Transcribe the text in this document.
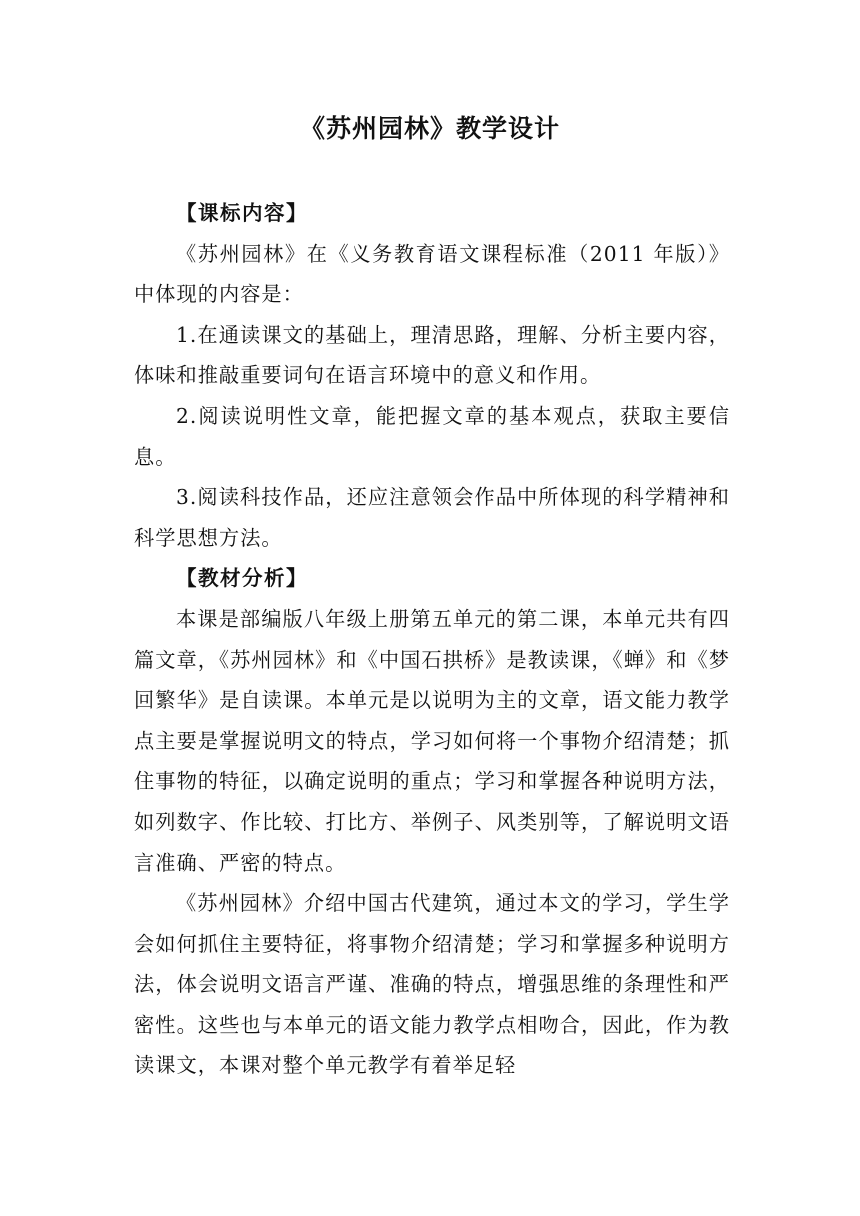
《苏州园林》教学设计

【课标内容】

《苏州园林》在《义务教育语文课程标准（2011 年版）》中体现的内容是：

1.在通读课文的基础上，理清思路，理解、分析主要内容，体味和推敲重要词句在语言环境中的意义和作用。

2.阅读说明性文章，能把握文章的基本观点，获取主要信息。

3.阅读科技作品，还应注意领会作品中所体现的科学精神和科学思想方法。

【教材分析】

本课是部编版八年级上册第五单元的第二课，本单元共有四篇文章，《苏州园林》和《中国石拱桥》是教读课，《蝉》和《梦回繁华》是自读课。本单元是以说明为主的文章，语文能力教学点主要是掌握说明文的特点，学习如何将一个事物介绍清楚；抓住事物的特征，以确定说明的重点；学习和掌握各种说明方法，如列数字、作比较、打比方、举例子、风类别等，了解说明文语言准确、严密的特点。

《苏州园林》介绍中国古代建筑，通过本文的学习，学生学会如何抓住主要特征，将事物介绍清楚；学习和掌握多种说明方法，体会说明文语言严谨、准确的特点，增强思维的条理性和严密性。这些也与本单元的语文能力教学点相吻合，因此，作为教读课文，本课对整个单元教学有着举足轻
